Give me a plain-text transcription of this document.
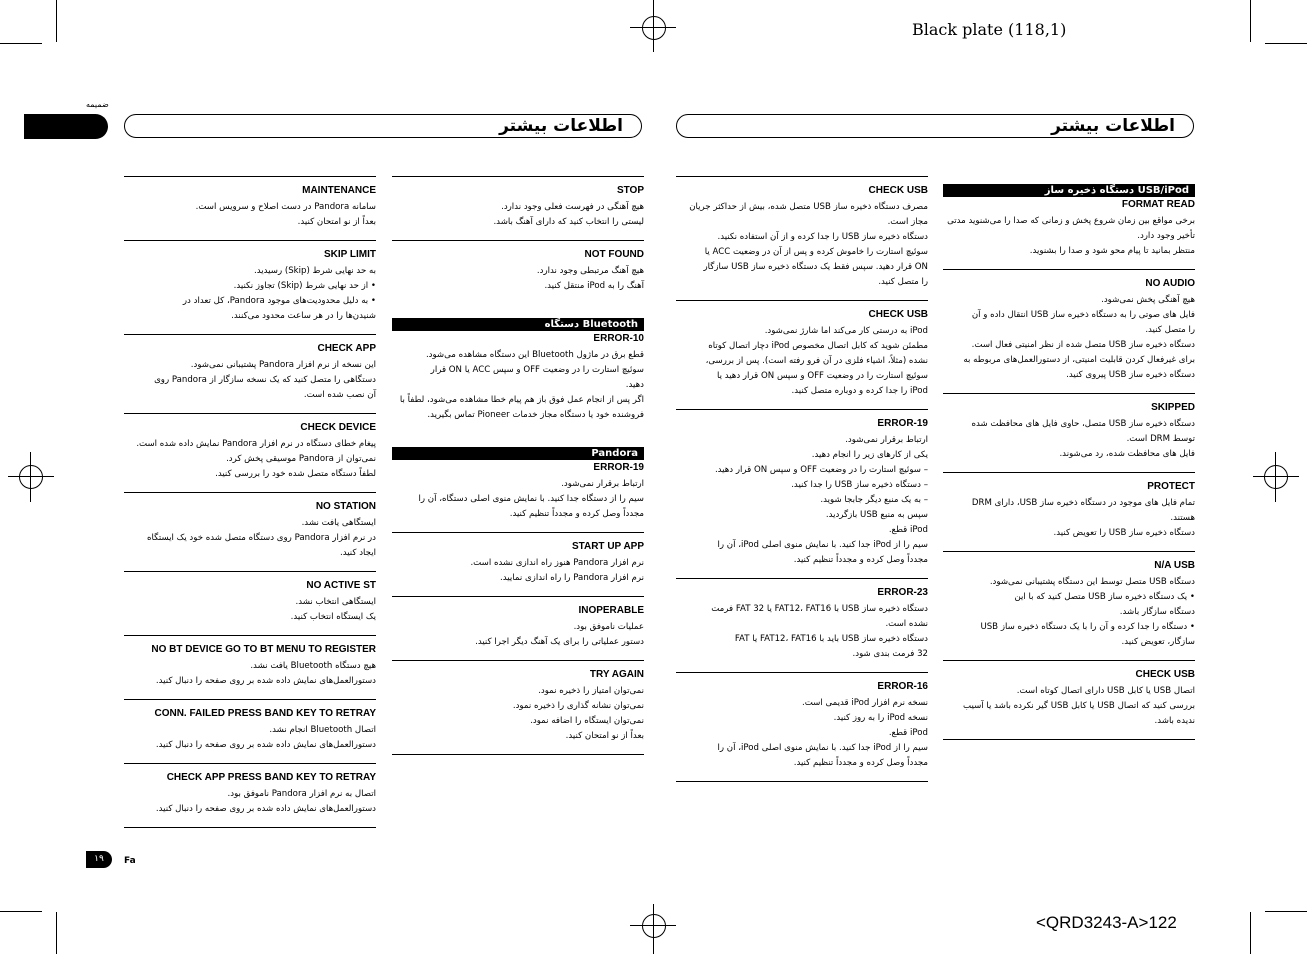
Black plate (118,1)
ضمیمه
اطلاعات بیشتر	اطلاعات بیشتر
MAINTENANCE

سامانه Pandora در دست اصلاح و سرویس است.

بعداً از نو امتحان کنید.

SKIP LIMIT

به حد نهایی شرط (Skip) رسیدید.

• از حد نهایی شرط (Skip) تجاوز نکنید.

• به دلیل محدودیت‌های موجود Pandora، کل تعداد در

شنیدن‌ها را در هر ساعت محدود می‌کنند.

CHECK APP

این نسخه از نرم افزار Pandora پشتیبانی نمی‌شود.

دستگاهی را متصل کنید که یک نسخه سازگار از Pandora روی

آن نصب شده است.

CHECK DEVICE

پیغام خطای دستگاه در نرم افزار Pandora نمایش داده شده است.

نمی‌توان از Pandora موسیقی پخش کرد.

لطفاً دستگاه متصل شده خود را بررسی کنید.

NO STATION

ایستگاهی یافت نشد.

در نرم افزار Pandora روی دستگاه متصل شده خود یک ایستگاه

ایجاد کنید.

NO ACTIVE ST

ایستگاهی انتخاب نشد.

یک ایستگاه انتخاب کنید.

NO BT DEVICE GO TO BT MENU TO REGISTER

هیچ دستگاه Bluetooth یافت نشد.

دستورالعمل‌های نمایش داده شده بر روی صفحه را دنبال کنید.

CONN. FAILED PRESS BAND KEY TO RETRAY

اتصال Bluetooth انجام نشد.

دستورالعمل‌های نمایش داده شده بر روی صفحه را دنبال کنید.

CHECK APP PRESS BAND KEY TO RETRAY

اتصال به نرم افزار Pandora ناموفق بود.

دستورالعمل‌های نمایش داده شده بر روی صفحه را دنبال کنید.

STOP

هیچ آهنگی در فهرست فعلی وجود ندارد.

لیستی را انتخاب کنید که دارای آهنگ باشد.

NOT FOUND

هیچ آهنگ مرتبطی وجود ندارد.

آهنگ را به iPod منتقل کنید.

دستگاه Bluetooth
ERROR-10

قطع برق در ماژول Bluetooth این دستگاه مشاهده می‌شود.

سوئیچ استارت را در وضعیت OFF و سپس ACC یا ON قرار

دهید.

اگر پس از انجام عمل فوق باز هم پیام خطا مشاهده می‌شود، لطفاً با

فروشنده خود یا دستگاه مجاز خدمات Pioneer تماس بگیرید.

Pandora
ERROR-19

ارتباط برقرار نمی‌شود.

سیم را از دستگاه جدا کنید. با نمایش منوی اصلی دستگاه، آن را

مجدداً وصل کرده و مجدداً تنظیم کنید.

START UP APP

نرم افزار Pandora هنوز راه اندازی نشده است.

نرم افزار Pandora را راه اندازی نمایید.

INOPERABLE

عملیات ناموفق بود.

دستور عملیاتی را برای یک آهنگ دیگر اجرا کنید.

TRY AGAIN

نمی‌توان امتیاز را ذخیره نمود.

نمی‌توان نشانه گذاری را ذخیره نمود.

نمی‌توان ایستگاه را اضافه نمود.

بعداً از نو امتحان کنید.

CHECK USB

مصرف دستگاه ذخیره ساز USB متصل شده، بیش‌ از حداکثر جریان

مجاز است.

دستگاه ذخیره ساز USB را جدا کرده و از آن استفاده نکنید.

سوئیچ استارت را خاموش کرده و پس از آن در وضعیت ACC یا

ON قرار دهید. سپس فقط یک دستگاه ذخیره ساز USB سازگار

را متصل کنید.

CHECK USB

iPod به درستی کار می‌کند اما شارژ نمی‌شود.

مطمئن شوید که کابل اتصال مخصوص iPod دچار اتصال کوتاه

نشده (مثلاً، اشیاء فلزی در آن فرو رفته است). پس از بررسی،

سوئیچ استارت را در وضعیت OFF و سپس ON قرار دهید یا

iPod را جدا کرده و دوباره متصل کنید.

ERROR-19

ارتباط برقرار نمی‌شود.

یکی از کارهای زیر را انجام دهید.

– سوئیچ استارت را در وضعیت OFF و سپس ON قرار دهید.

– دستگاه ذخیره ساز USB را جدا کنید.

– به یک منبع دیگر جابجا شوید.

سپس به منبع USB بازگردید.

iPod قطع.

سیم را از iPod جدا کنید. با نمایش منوی اصلی iPod، آن را

مجدداً وصل کرده و مجدداً تنظیم کنید.

ERROR-23

دستگاه ذخیره ساز USB با FAT12، FAT16 یا FAT 32 فرمت

نشده است.

دستگاه ذخیره ساز USB باید با FAT12، FAT16 یا FAT

32 فرمت بندی شود.

ERROR-16

نسخه نرم افزار iPod قدیمی است.

نسخه iPod را به روز کنید.

iPod قطع.

سیم را از iPod جدا کنید. با نمایش منوی اصلی iPod، آن را

مجدداً وصل کرده و مجدداً تنظیم کنید.

دستگاه ذخیره ساز USB/iPod
FORMAT READ

برخی مواقع بین زمان شروع پخش و زمانی که صدا را می‌شنوید مدتی

تأخیر وجود دارد.

منتظر بمانید تا پیام محو شود و صدا را بشنوید.

NO AUDIO

هیچ آهنگی پخش نمی‌شود.

فایل های صوتی را به دستگاه ذخیره ساز USB انتقال داده و آن

را متصل کنید.

دستگاه ذخیره ساز USB متصل شده از نظر امنیتی فعال است.

برای غیرفعال کردن قابلیت امنیتی، از دستورالعمل‌های مربوطه به

دستگاه ذخیره ساز USB پیروی کنید.

SKIPPED

دستگاه ذخیره ساز USB متصل، حاوی فایل های محافظت شده

توسط DRM است.

فایل های محافظت شده، رد می‌شوند.

PROTECT

تمام فایل های موجود در دستگاه ذخیره ساز USB، دارای DRM

هستند.

دستگاه ذخیره ساز USB را تعویض کنید.

N/A USB

دستگاه USB متصل توسط این دستگاه پشتیبانی نمی‌شود.

• یک دستگاه ذخیره ساز USB متصل کنید که با این

دستگاه سازگار باشد.

• دستگاه را جدا کرده و آن را با یک دستگاه ذخیره ساز USB

سازگار، تعویض کنید.

CHECK USB

اتصال USB یا کابل USB دارای اتصال کوتاه است.

بررسی کنید که اتصال USB یا کابل USB گیر نکرده باشد یا آسیب

ندیده باشد.

١٩	Fa
<QRD3243-A>122
